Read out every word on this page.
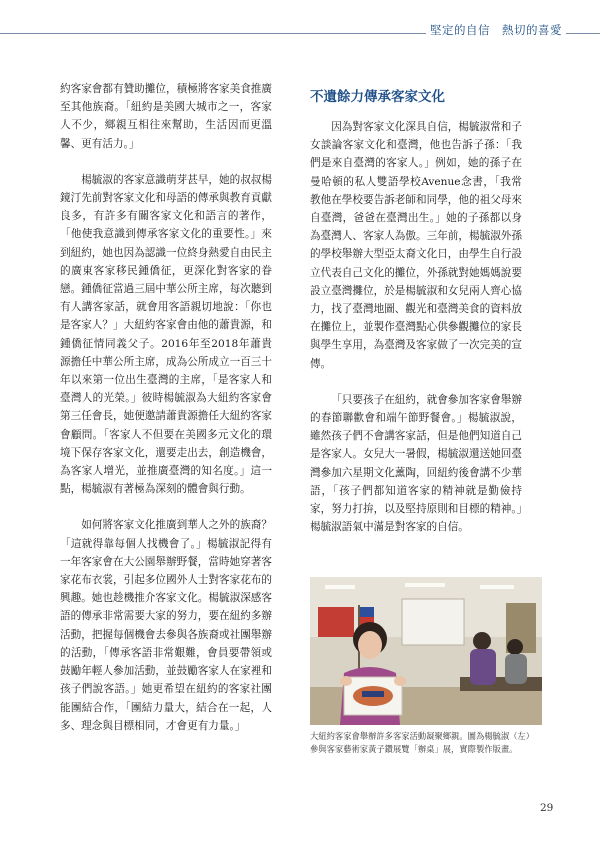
堅定的自信　熱切的喜愛

約客家會都有贊助攤位，積極將客家美食推廣至其他族裔。「紐約是美國大城市之一，客家人不少，鄉親互相往來幫助，生活因而更溫馨、更有活力。」

楊毓淑的客家意識萌芽甚早，她的叔叔楊鏡汀先前對客家文化和母語的傳承與教育貢獻良多，有許多有關客家文化和語言的著作，「他使我意識到傳承客家文化的重要性。」來到紐約，她也因為認識一位終身熱愛自由民主的廣東客家移民鍾僑征，更深化對客家的眷戀。鍾僑征當過三屆中華公所主席，每次聽到有人講客家話，就會用客語親切地說：「你也是客家人？」大紐約客家會由他的蕭貴源，和鍾僑征情同義父子。2016年至2018年蕭貴源擔任中華公所主席，成為公所成立一百三十年以來第一位出生臺灣的主席，「是客家人和臺灣人的光榮。」彼時楊毓淑為大紐約客家會第三任會長，她便邀請蕭貴源擔任大紐約客家會顧問。「客家人不但要在美國多元文化的環境下保存客家文化，還要走出去，創造機會，為客家人增光，並推廣臺灣的知名度。」這一點，楊毓淑有著極為深刻的體會與行動。

如何將客家文化推廣到華人之外的族裔？「這就得靠每個人找機會了。」楊毓淑記得有一年客家會在大公園舉辦野餐，當時她穿著客家花布衣裳，引起多位國外人士對客家花布的興趣。她也趁機推介客家文化。楊毓淑深感客語的傳承非常需要大家的努力，要在紐約多辦活動，把握每個機會去參與各族裔或社團舉辦的活動，「傳承客語非常艱難，會員要帶領或鼓勵年輕人參加活動，並鼓勵客家人在家裡和孩子們說客語。」她更希望在紐約的客家社團能團結合作，「團結力量大，結合在一起，人多、理念與目標相同，才會更有力量。」

不遺餘力傳承客家文化

因為對客家文化深具自信，楊毓淑常和子女談論客家文化和臺灣，他也告訴子孫：「我們是來自臺灣的客家人。」例如，她的孫子在曼哈頓的私人雙語學校Avenue念書，「我常教他在學校要告訴老師和同學，他的祖父母來自臺灣，爸爸在臺灣出生。」她的子孫都以身為臺灣人、客家人為傲。三年前，楊毓淑外孫的學校舉辦大型亞太裔文化日，由學生自行設立代表自己文化的攤位，外孫就對她媽媽說要設立臺灣攤位，於是楊毓淑和女兒兩人齊心協力，找了臺灣地圖、觀光和臺灣美食的資料放在攤位上，並製作臺灣點心供參觀攤位的家長與學生享用，為臺灣及客家做了一次完美的宣傳。

「只要孩子在紐約，就會參加客家會舉辦的春節聯歡會和端午節野餐會。」楊毓淑說，雖然孩子們不會講客家話，但是他們知道自己是客家人。女兒大一暑假，楊毓淑還送她回臺灣參加六星期文化薰陶，回紐約後會講不少華語，「孩子們都知道客家的精神就是勤儉持家，努力打拚，以及堅持原則和目標的精神。」楊毓淑語氣中滿是對客家的自信。

大紐約客家會舉辦許多客家活動凝聚鄉親。圖為楊毓淑（左）參與客家藝術家黃子鑽展覽「辦桌」展，實際製作版畫。
29
